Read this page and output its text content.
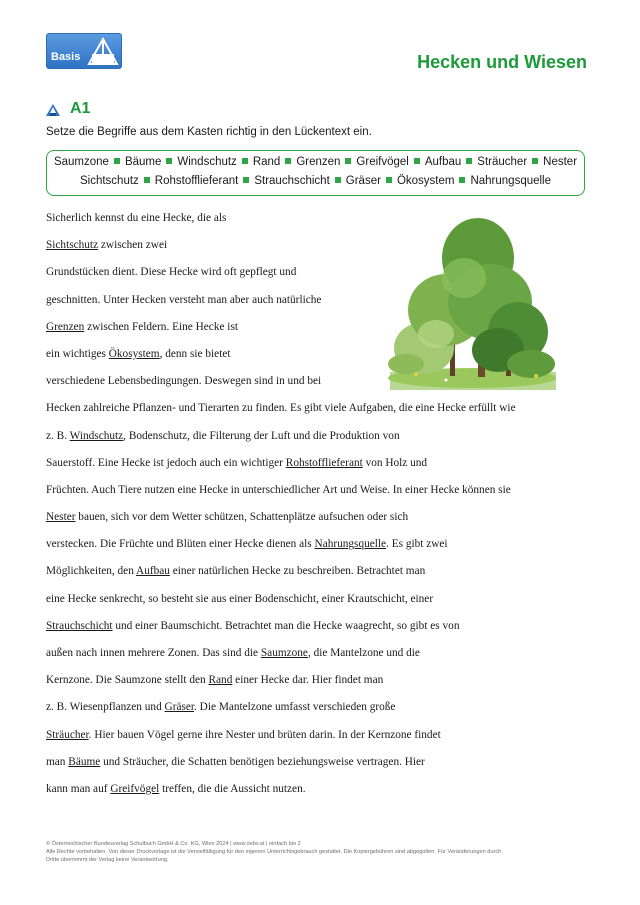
Basis	Hecken und Wiesen
A1
Setze die Begriffe aus dem Kasten richtig in den Lückentext ein.
Saumzone Bäume Windschutz Rand Grenzen Greifvögel Aufbau Sträucher Nester
Sichtschutz Rohstofflieferant Strauchschicht Gräser Ökosystem Nahrungsquelle
Sicherlich kennst du eine Hecke, die als
Sichtschutz zwischen zwei
Grundstücken dient. Diese Hecke wird oft gepflegt und
geschnitten. Unter Hecken versteht man aber auch natürliche
Grenzen zwischen Feldern. Eine Hecke ist
ein wichtiges Ökosystem, denn sie bietet
verschiedene Lebensbedingungen. Deswegen sind in und bei
Hecken zahlreiche Pflanzen- und Tierarten zu finden. Es gibt viele Aufgaben, die eine Hecke erfüllt wie
z. B. Windschutz, Bodenschutz, die Filterung der Luft und die Produktion von
Sauerstoff. Eine Hecke ist jedoch auch ein wichtiger Rohstofflieferant von Holz und
Früchten. Auch Tiere nutzen eine Hecke in unterschiedlicher Art und Weise. In einer Hecke können sie
Nester bauen, sich vor dem Wetter schützen, Schattenplätze aufsuchen oder sich
verstecken. Die Früchte und Blüten einer Hecke dienen als Nahrungsquelle. Es gibt zwei
Möglichkeiten, den Aufbau einer natürlichen Hecke zu beschreiben. Betrachtet man
eine Hecke senkrecht, so besteht sie aus einer Bodenschicht, einer Krautschicht, einer
Strauchschicht und einer Baumschicht. Betrachtet man die Hecke waagrecht, so gibt es von
außen nach innen mehrere Zonen. Das sind die Saumzone, die Mantelzone und die
Kernzone. Die Saumzone stellt den Rand einer Hecke dar. Hier findet man
z. B. Wiesenpflanzen und Gräser. Die Mantelzone umfasst verschieden große
Sträucher. Hier bauen Vögel gerne ihre Nester und brüten darin. In der Kernzone findet
man Bäume und Sträucher, die Schatten benötigen beziehungsweise vertragen. Hier
kann man auf Greifvögel treffen, die die Aussicht nutzen.
© Österreichischer Bundesverlag Schulbuch GmbH & Co. KG, Wien 2024 | www.oebv.at | einfach bio 2
Alle Rechte vorbehalten. Von dieser Druckvorlage ist die Vervielfältigung für den eigenen Unterrichtsgebrauch gestattet. Die Kopiergebühren sind abgegolten. Für Veränderungen durch
Dritte übernimmt der Verlag keine Verantwortung.
